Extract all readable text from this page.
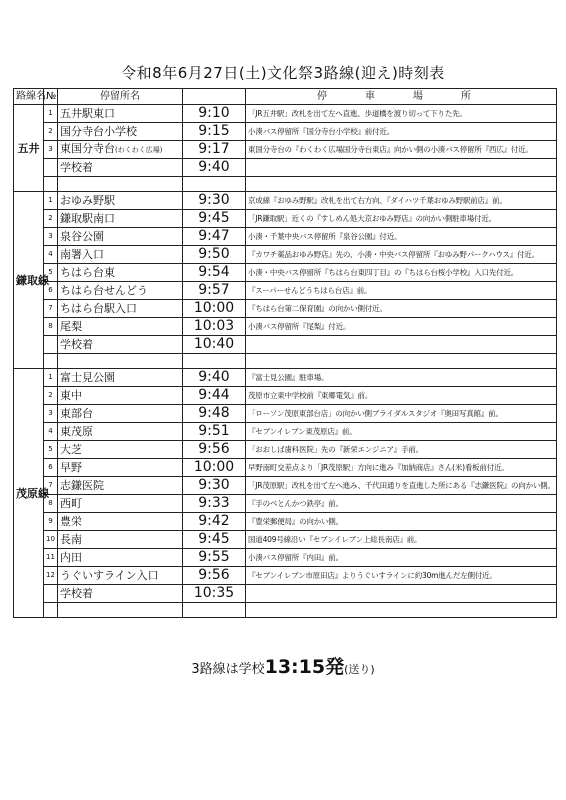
令和8年6月27日(土)文化祭3路線(迎え)時刻表
路線名	№	停留所名		停　車　場　所
五井	1	五井駅東口	9:10	「JR五井駅」改札を出て左へ直進、歩道橋を渡り切って下りた先。
	2	国分寺台小学校	9:15	小湊バス停留所『国分寺台小学校』前付近。
	3	東国分寺台(わくわく広場)	9:17	東国分寺台の『わくわく広場国分寺台東店』向かい側の小湊バス停留所『西広』付近。
		学校着	9:40	

鎌取線	1	おゆみ野駅	9:30	京成線『おゆみ野駅』改札を出て右方向、『ダイハツ千葉おゆみ野駅前店』前。
	2	鎌取駅南口	9:45	「JR鎌取駅」近くの『すしめん処大京おゆみ野店』の向かい側駐車場付近。
	3	泉谷公園	9:47	小湊・千葉中央バス停留所『泉谷公園』付近。
	4	南署入口	9:50	『カワチ薬品おゆみ野店』先の、小湊・中央バス停留所『おゆみ野パークハウス』付近。
	5	ちはら台東	9:54	小湊・中央バス停留所『ちはら台東四丁目』の『ちはら台桜小学校』入口先付近。
	6	ちはら台せんどう	9:57	『スーパーせんどうちはら台店』前。
	7	ちはら台駅入口	10:00	『ちはら台第二保育園』の向かい側付近。
	8	尾梨	10:03	小湊バス停留所『尾梨』付近。
		学校着	10:40	

茂原線	1	富士見公園	9:40	『富士見公園』駐車場。
	2	東中	9:44	茂原市立東中学校前『東郷電気』前。
	3	東部台	9:48	「ローソン茂原東部台店」の向かい側ブライダルスタジオ『奥田写真館』前。
	4	東茂原	9:51	『セブンイレブン東茂原店』前。
	5	大芝	9:56	「おおしば歯科医院」先の『新栄エンジニア』手前。
	6	早野	10:00	早野南町交差点より「JR茂原駅」方向に進み『加納商店』さん(米)看板前付近。
	7	志鎌医院	9:30	「JR茂原駅」改札を出て左へ進み、千代田通りを直進した所にある『志鎌医院』の向かい側。
	8	西町	9:33	『手のべとんかつ鉄亭』前。
	9	豊栄	9:42	『豊栄郵便局』の向かい側。
	10	長南	9:45	国道409号線沿い『セブンイレブン上総長南店』前。
	11	内田	9:55	小湊バス停留所『内田』前。
	12	うぐいすライン入口	9:56	『セブンイレブン市原田店』よりうぐいすラインに約30m進んだ左側付近。
		学校着	10:35	

3路線は学校13:15発(送り)
